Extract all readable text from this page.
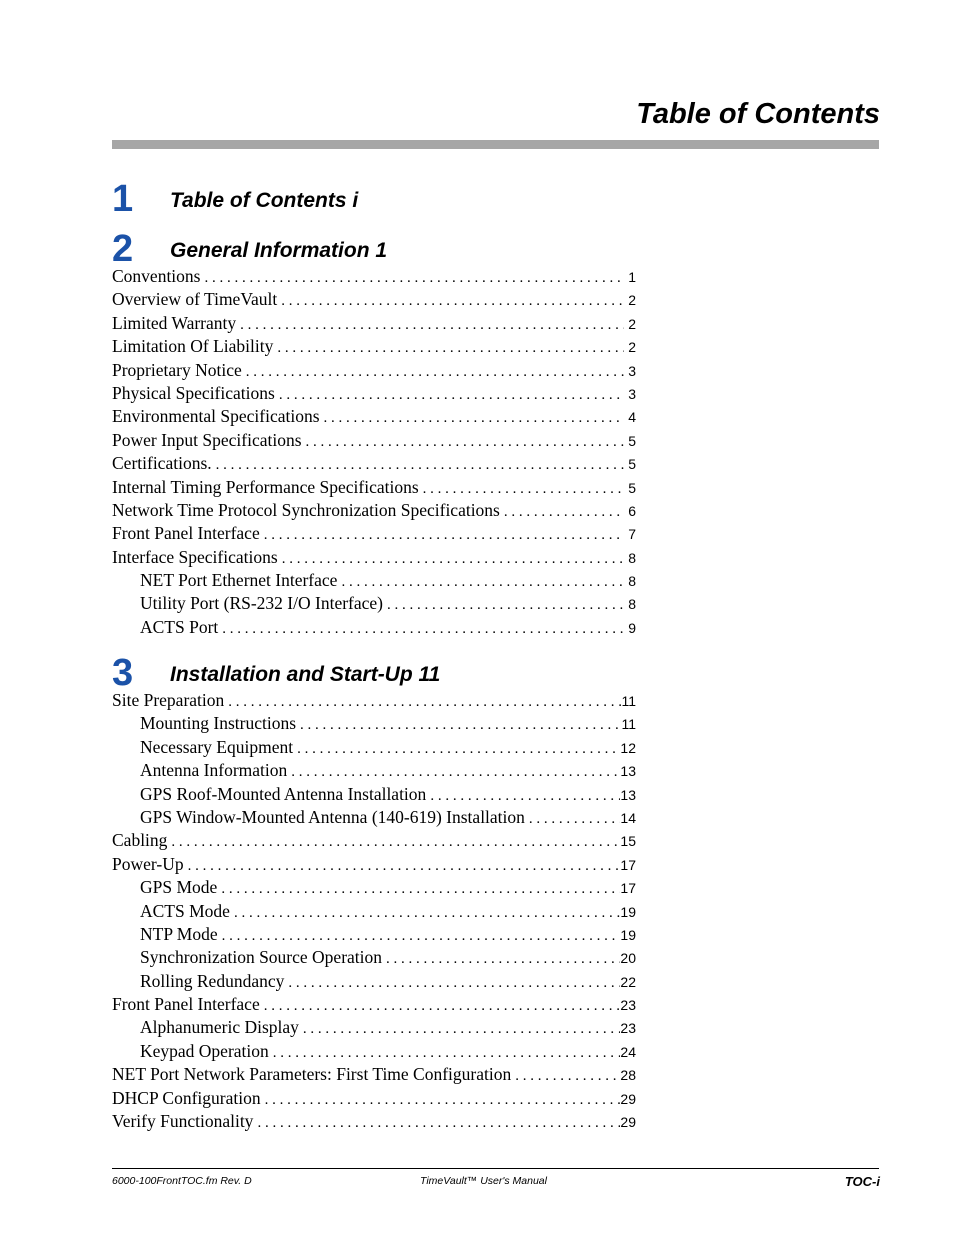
Table of Contents
1 Table of Contents i
2 General Information 1
Conventions . . .	1
Overview of TimeVault . . .	2
Limited Warranty . . .	2
Limitation Of Liability . . .	2
Proprietary Notice . . .	3
Physical Specifications . . .	3
Environmental Specifications . . .	4
Power Input Specifications . . .	5
Certifications. . . .	5
Internal Timing Performance Specifications . . .	5
Network Time Protocol Synchronization Specifications . . .	6
Front Panel Interface . . .	7
Interface Specifications . . .	8
NET Port Ethernet Interface . . .	8
Utility Port (RS-232 I/O Interface) . . .	8
ACTS Port . . .	9
3 Installation and Start-Up 11
Site Preparation . . .	11
Mounting Instructions . . .	11
Necessary Equipment . . .	12
Antenna Information . . .	13
GPS Roof-Mounted Antenna Installation . . .	13
GPS Window-Mounted Antenna (140-619) Installation . . .	14
Cabling . . .	15
Power-Up . . .	17
GPS Mode . . .	17
ACTS Mode . . .	19
NTP Mode . . .	19
Synchronization Source Operation . . .	20
Rolling Redundancy . . .	22
Front Panel Interface . . .	23
Alphanumeric Display . . .	23
Keypad Operation . . .	24
NET Port Network Parameters: First Time Configuration . . .	28
DHCP Configuration . . .	29
Verify Functionality . . .	29
6000-100FrontTOC.fm Rev. D	TimeVault™ User's Manual	TOC-i
